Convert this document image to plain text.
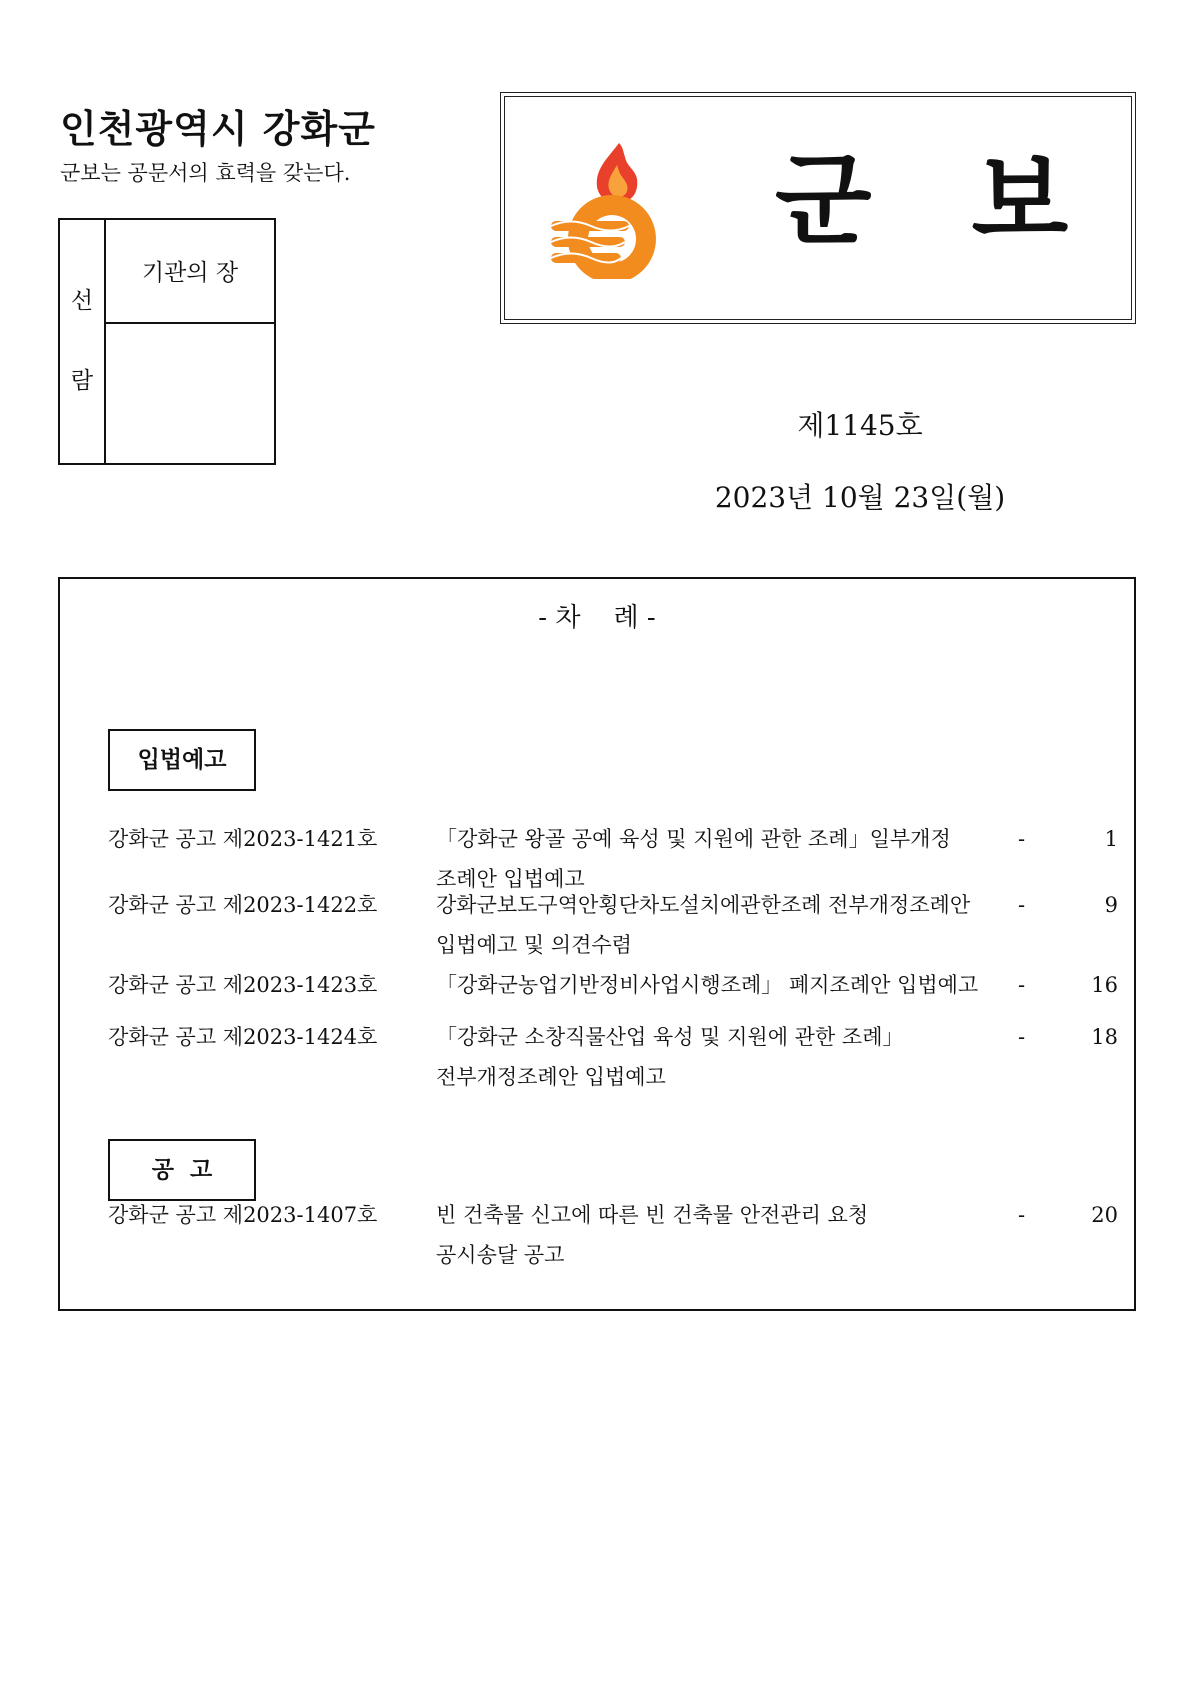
인천광역시 강화군
군보는 공문서의 효력을 갖는다.
선
람
기관의 장
군보
제1145호
2023년 10월 23일(월)
- 차    례 -
입법예고
강화군 공고 제2023-1421호	「강화군 왕골 공예 육성 및 지원에 관한 조례」일부개정
조례안 입법예고
-	1
강화군 공고 제2023-1422호	강화군보도구역안횡단차도설치에관한조례 전부개정조례안
입법예고 및 의견수렴
-	9
강화군 공고 제2023-1423호	「강화군농업기반정비사업시행조례」 폐지조례안 입법예고	-	16
강화군 공고 제2023-1424호	「강화군 소창직물산업 육성 및 지원에 관한 조례」
전부개정조례안 입법예고
-	18
공  고
강화군 공고 제2023-1407호	빈 건축물 신고에 따른 빈 건축물 안전관리 요청
공시송달 공고
-	20
